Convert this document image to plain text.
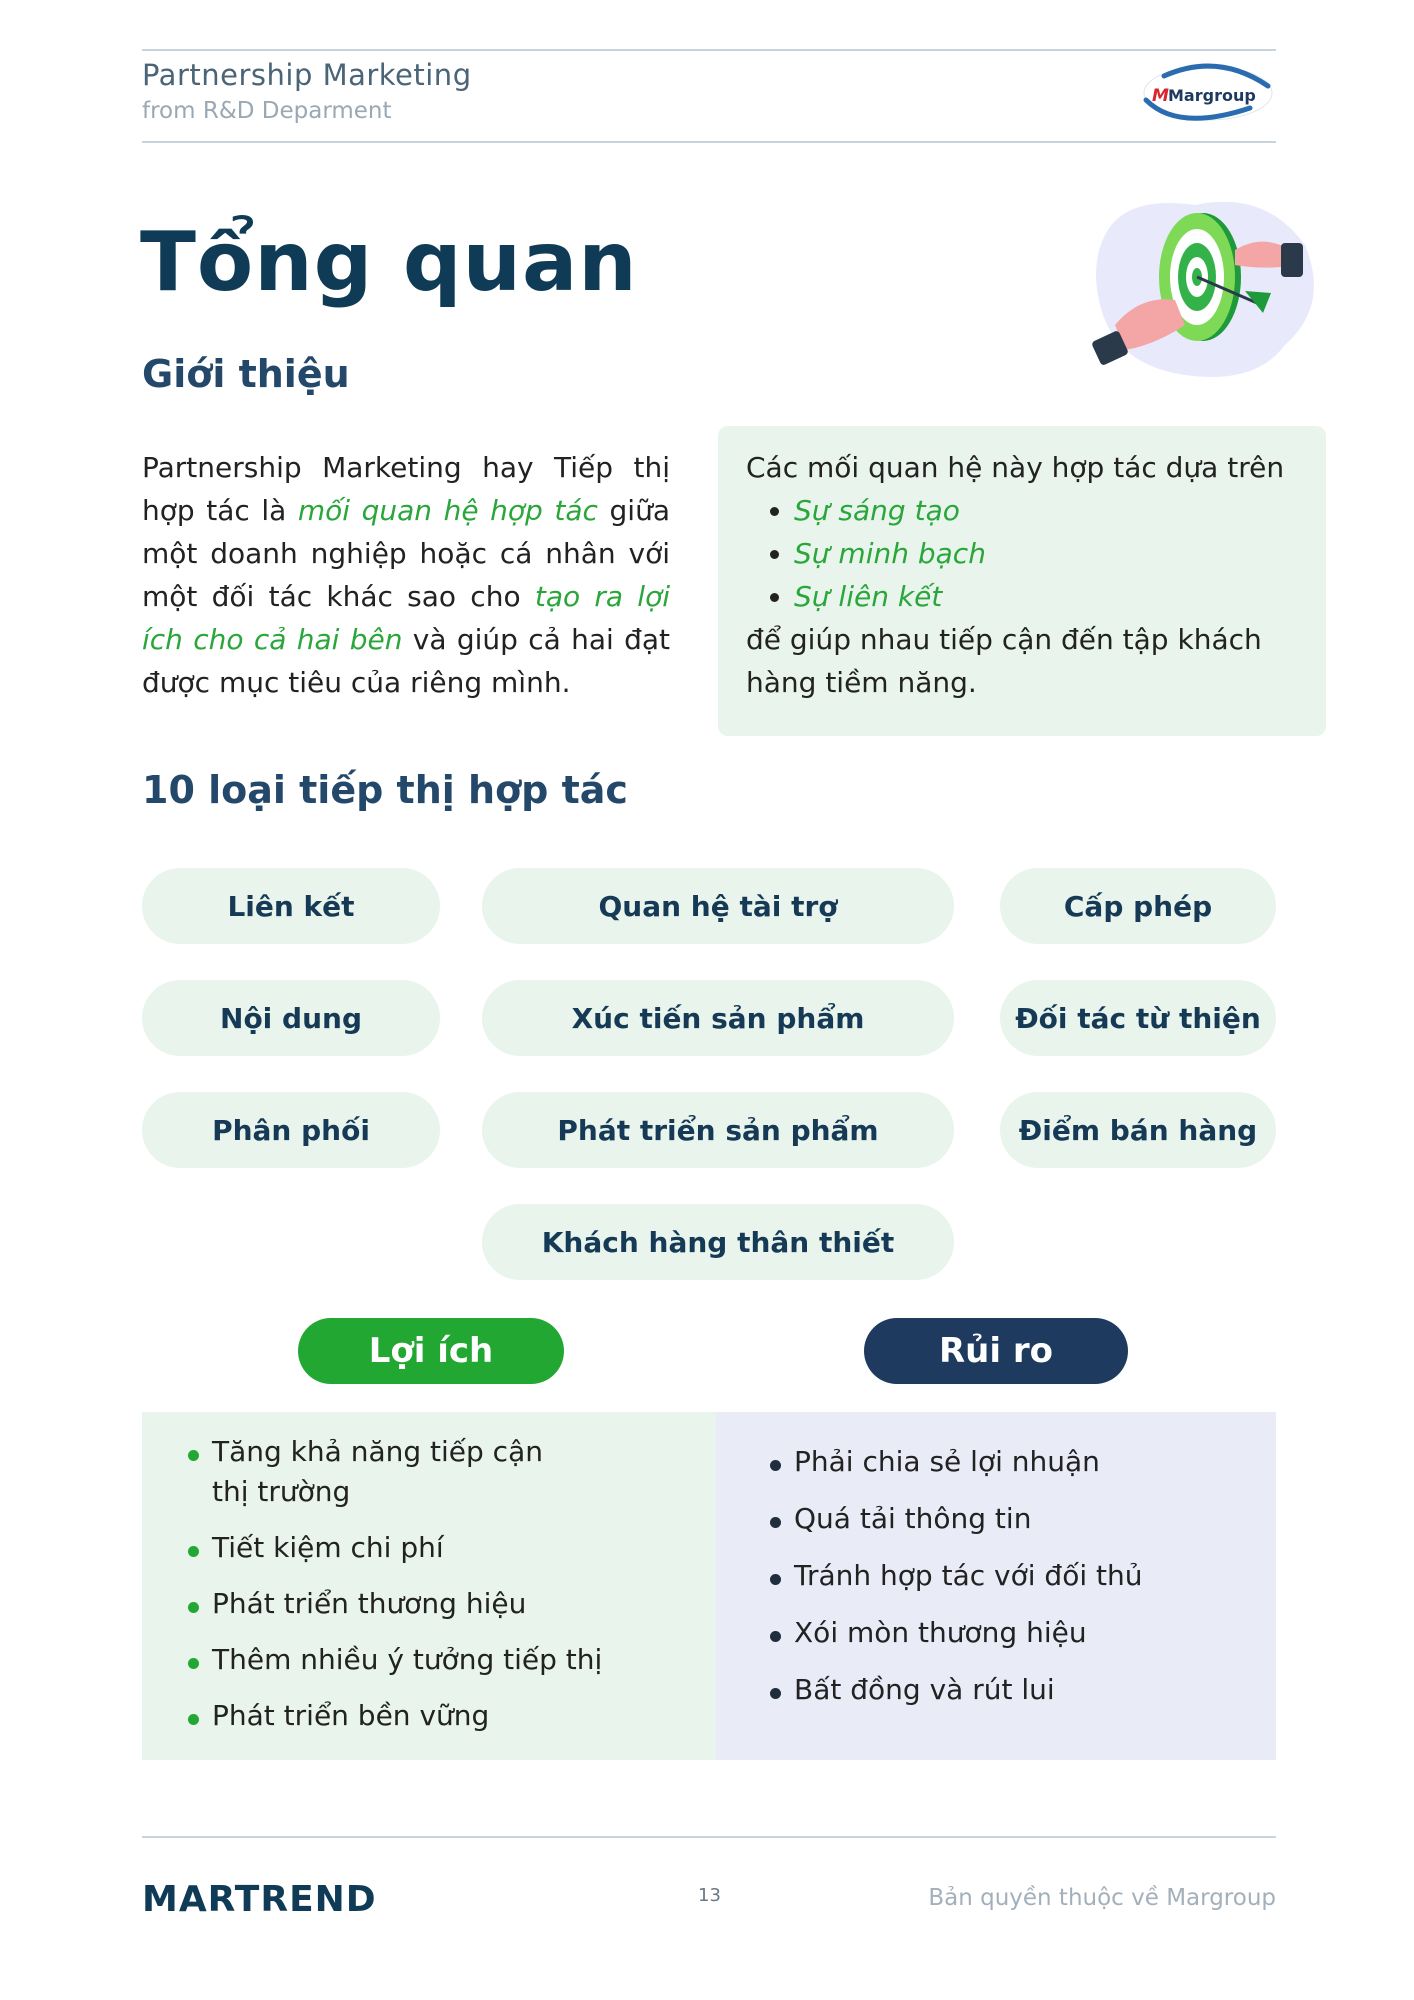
Partnership Marketing
from R&D Deparment
M Margroup
Tổng quan
Giới thiệu
Partnership Marketing hay Tiếp thị hợp tác là mối quan hệ hợp tác giữa một doanh nghiệp hoặc cá nhân với một đối tác khác sao cho tạo ra lợi ích cho cả hai bên và giúp cả hai đạt được mục tiêu của riêng mình.
Các mối quan hệ này hợp tác dựa trên
• Sự sáng tạo
• Sự minh bạch
• Sự liên kết
để giúp nhau tiếp cận đến tập khách hàng tiềm năng.
10 loại tiếp thị hợp tác
Liên kết	Quan hệ tài trợ	Cấp phép
Nội dung	Xúc tiến sản phẩm	Đối tác từ thiện
Phân phối	Phát triển sản phẩm	Điểm bán hàng
Khách hàng thân thiết
Lợi ích	Rủi ro
Tăng khả năng tiếp cận thị trường
Tiết kiệm chi phí
Phát triển thương hiệu
Thêm nhiều ý tưởng tiếp thị
Phát triển bền vững
Phải chia sẻ lợi nhuận
Quá tải thông tin
Tránh hợp tác với đối thủ
Xói mòn thương hiệu
Bất đồng và rút lui
MARTREND	13	Bản quyền thuộc về Margroup
